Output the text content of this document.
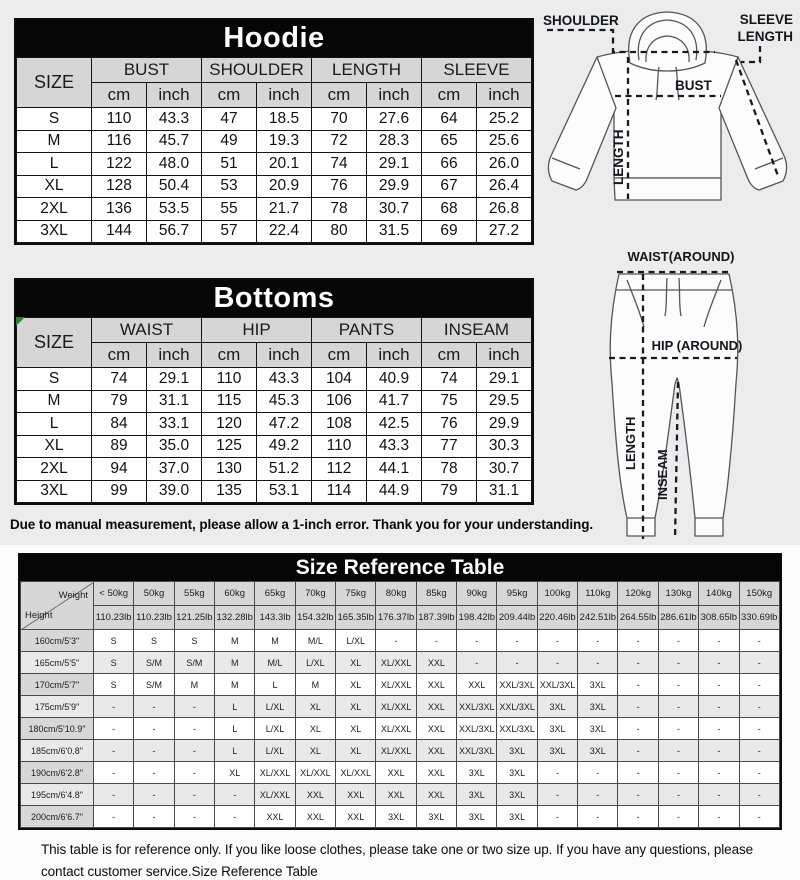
Hoodie
SIZE	BUST		SHOULDER		LENGTH		SLEEVE	
	cm	inch	cm	inch	cm	inch	cm	inch
S	110	43.3	47	18.5	70	27.6	64	25.2
M	116	45.7	49	19.3	72	28.3	65	25.6
L	122	48.0	51	20.1	74	29.1	66	26.0
XL	128	50.4	53	20.9	76	29.9	67	26.4
2XL	136	53.5	55	21.7	78	30.7	68	26.8
3XL	144	56.7	57	22.4	80	31.5	69	27.2
Bottoms
SIZE	WAIST		HIP		PANTS		INSEAM	
	cm	inch	cm	inch	cm	inch	cm	inch
S	74	29.1	110	43.3	104	40.9	74	29.1
M	79	31.1	115	45.3	106	41.7	75	29.5
L	84	33.1	120	47.2	108	42.5	76	29.9
XL	89	35.0	125	49.2	110	43.3	77	30.3
2XL	94	37.0	130	51.2	112	44.1	78	30.7
3XL	99	39.0	135	53.1	114	44.9	79	31.1
SHOULDER	SLEEVE
LENGTH
BUST
LENGTH
WAIST(AROUND)
HIP (AROUND)
LENGTH
INSEAM

Due to manual measurement, please allow a 1-inch error. Thank you for your understanding.

Size Reference Table
Weight
Height	< 50kg	50kg	55kg	60kg	65kg	70kg	75kg	80kg	85kg	90kg	95kg	100kg	110kg	120kg	130kg	140kg	150kg
	110.23lb	110.23lb	121.25lb	132.28lb	143.3lb	154.32lb	165.35lb	176.37lb	187.39lb	198.42lb	209.44lb	220.46lb	242.51lb	264.55lb	286.61lb	308.65lb	330.69lb
160cm/5'3"	S	S	S	M	M	M/L	L/XL	-	-	-	-	-	-	-	-	-	-
165cm/5'5"	S	S/M	S/M	M	M/L	L/XL	XL	XL/XXL	XXL	-	-	-	-	-	-	-	-
170cm/5'7"	S	S/M	M	M	L	M	XL	XL/XXL	XXL	XXL	XXL/3XL	XXL/3XL	3XL	-	-	-	-
175cm/5'9"	-	-	-	L	L/XL	XL	XL	XL/XXL	XXL	XXL/3XL	XXL/3XL	3XL	3XL	-	-	-	-
180cm/5'10.9"	-	-	-	L	L/XL	XL	XL	XL/XXL	XXL	XXL/3XL	XXL/3XL	3XL	3XL	-	-	-	-
185cm/6'0.8"	-	-	-	L	L/XL	XL	XL	XL/XXL	XXL	XXL/3XL	3XL	3XL	3XL	-	-	-	-
190cm/6'2.8"	-	-	-	XL	XL/XXL	XL/XXL	XL/XXL	XXL	XXL	3XL	3XL	-	-	-	-	-	-
195cm/6'4.8"	-	-	-	-	XL/XXL	XXL	XXL	XXL	XXL	3XL	3XL	-	-	-	-	-	-
200cm/6'6.7"	-	-	-	-	XXL	XXL	XXL	3XL	3XL	3XL	3XL	-	-	-	-	-	-

This table is for reference only. If you like loose clothes, please take one or two size up. If you have any questions, please contact customer service.Size Reference Table
